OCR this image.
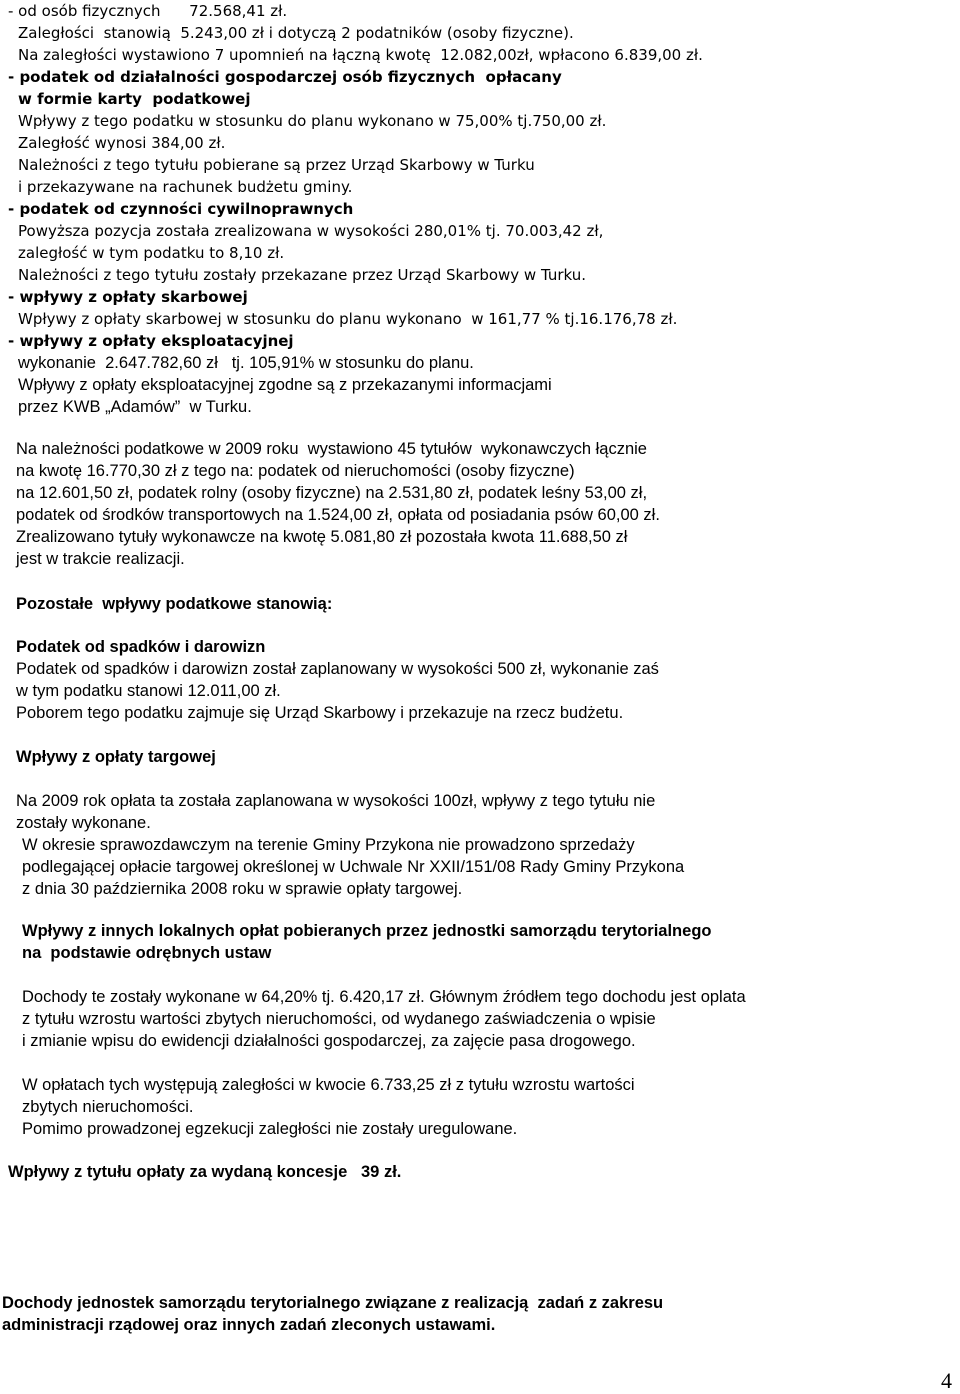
- od osób fizycznych      72.568,41 zł.

Zaległości  stanowią  5.243,00 zł i dotyczą 2 podatników (osoby fizyczne).

Na zaległości wystawiono 7 upomnień na łączną kwotę  12.082,00zł, wpłacono 6.839,00 zł.

- podatek od działalności gospodarczej osób fizycznych  opłacany

w formie karty  podatkowej

Wpływy z tego podatku w stosunku do planu wykonano w 75,00% tj.750,00 zł.

Zaległość wynosi 384,00 zł.

Należności z tego tytułu pobierane są przez Urząd Skarbowy w Turku

i przekazywane na rachunek budżetu gminy.

- podatek od czynności cywilnoprawnych

Powyższa pozycja została zrealizowana w wysokości 280,01% tj. 70.003,42 zł,

zaległość w tym podatku to 8,10 zł.

Należności z tego tytułu zostały przekazane przez Urząd Skarbowy w Turku.

- wpływy z opłaty skarbowej

Wpływy z opłaty skarbowej w stosunku do planu wykonano  w 161,77 % tj.16.176,78 zł.

- wpływy z opłaty eksploatacyjnej

wykonanie  2.647.782,60 zł   tj. 105,91% w stosunku do planu.

Wpływy z opłaty eksploatacyjnej zgodne są z przekazanymi informacjami

przez KWB „Adamów”  w Turku.

Na należności podatkowe w 2009 roku  wystawiono 45 tytułów  wykonawczych łącznie

na kwotę 16.770,30 zł z tego na: podatek od nieruchomości (osoby fizyczne)

na 12.601,50 zł, podatek rolny (osoby fizyczne) na 2.531,80 zł, podatek leśny 53,00 zł,

podatek od środków transportowych na 1.524,00 zł, opłata od posiadania psów 60,00 zł.

Zrealizowano tytuły wykonawcze na kwotę 5.081,80 zł pozostała kwota 11.688,50 zł

jest w trakcie realizacji.

Pozostałe  wpływy podatkowe stanowią:

Podatek od spadków i darowizn

Podatek od spadków i darowizn został zaplanowany w wysokości 500 zł, wykonanie zaś

w tym podatku stanowi 12.011,00 zł.

Poborem tego podatku zajmuje się Urząd Skarbowy i przekazuje na rzecz budżetu.

Wpływy z opłaty targowej

Na 2009 rok opłata ta została zaplanowana w wysokości 100zł, wpływy z tego tytułu nie

zostały wykonane.

W okresie sprawozdawczym na terenie Gminy Przykona nie prowadzono sprzedaży

podlegającej opłacie targowej określonej w Uchwale Nr XXII/151/08 Rady Gminy Przykona

z dnia 30 października 2008 roku w sprawie opłaty targowej.

Wpływy z innych lokalnych opłat pobieranych przez jednostki samorządu terytorialnego

na  podstawie odrębnych ustaw

Dochody te zostały wykonane w 64,20% tj. 6.420,17 zł. Głównym źródłem tego dochodu jest oplata

z tytułu wzrostu wartości zbytych nieruchomości, od wydanego zaświadczenia o wpisie

i zmianie wpisu do ewidencji działalności gospodarczej, za zajęcie pasa drogowego.

W opłatach tych występują zaległości w kwocie 6.733,25 zł z tytułu wzrostu wartości

zbytych nieruchomości.

Pomimo prowadzonej egzekucji zaległości nie zostały uregulowane.

Wpływy z tytułu opłaty za wydaną koncesje   39 zł.

Dochody jednostek samorządu terytorialnego związane z realizacją  zadań z zakresu

administracji rządowej oraz innych zadań zleconych ustawami.

4
